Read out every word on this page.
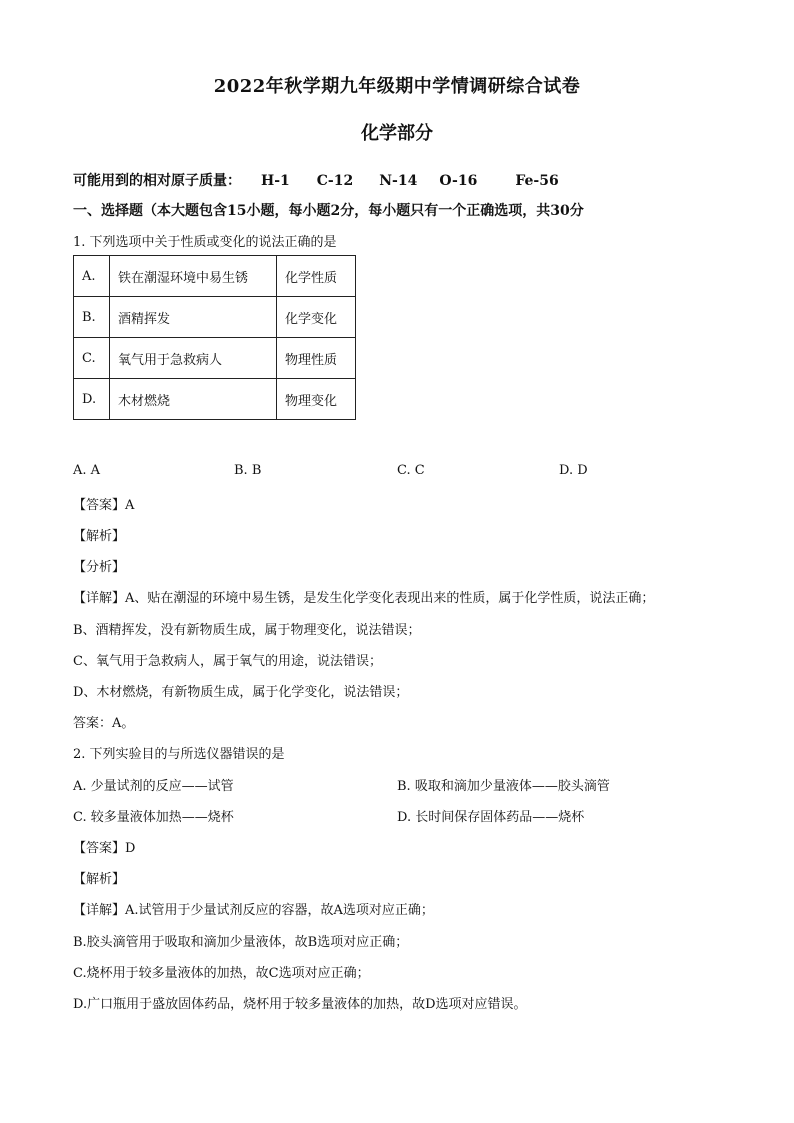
2022年秋学期九年级期中学情调研综合试卷
化学部分
可能用到的相对原子质量： H-1 C-12 N-14 O-16	Fe-56
一、选择题（本大题包含15小题，每小题2分，每小题只有一个正确选项，共30分
1. 下列选项中关于性质或变化的说法正确的是
A.	铁在潮湿环境中易生锈	化学性质
B.	酒精挥发	化学变化
C.	氧气用于急救病人	物理性质
D.	木材燃烧	物理变化
A. A	B. B	C. C	D. D
【答案】A
【解析】
【分析】
【详解】A、贴在潮湿的环境中易生锈，是发生化学变化表现出来的性质，属于化学性质，说法正确；
B、酒精挥发，没有新物质生成，属于物理变化，说法错误；
C、氧气用于急救病人，属于氧气的用途，说法错误；
D、木材燃烧，有新物质生成，属于化学变化，说法错误；
答案：A。
2. 下列实验目的与所选仪器错误的是
A. 少量试剂的反应——试管	B. 吸取和滴加少量液体——胶头滴管
C. 较多量液体加热——烧杯	D. 长时间保存固体药品——烧杯
【答案】D
【解析】
【详解】A.试管用于少量试剂反应的容器，故A选项对应正确；
B.胶头滴管用于吸取和滴加少量液体，故B选项对应正确；
C.烧杯用于较多量液体的加热，故C选项对应正确；
D.广口瓶用于盛放固体药品，烧杯用于较多量液体的加热，故D选项对应错误。
